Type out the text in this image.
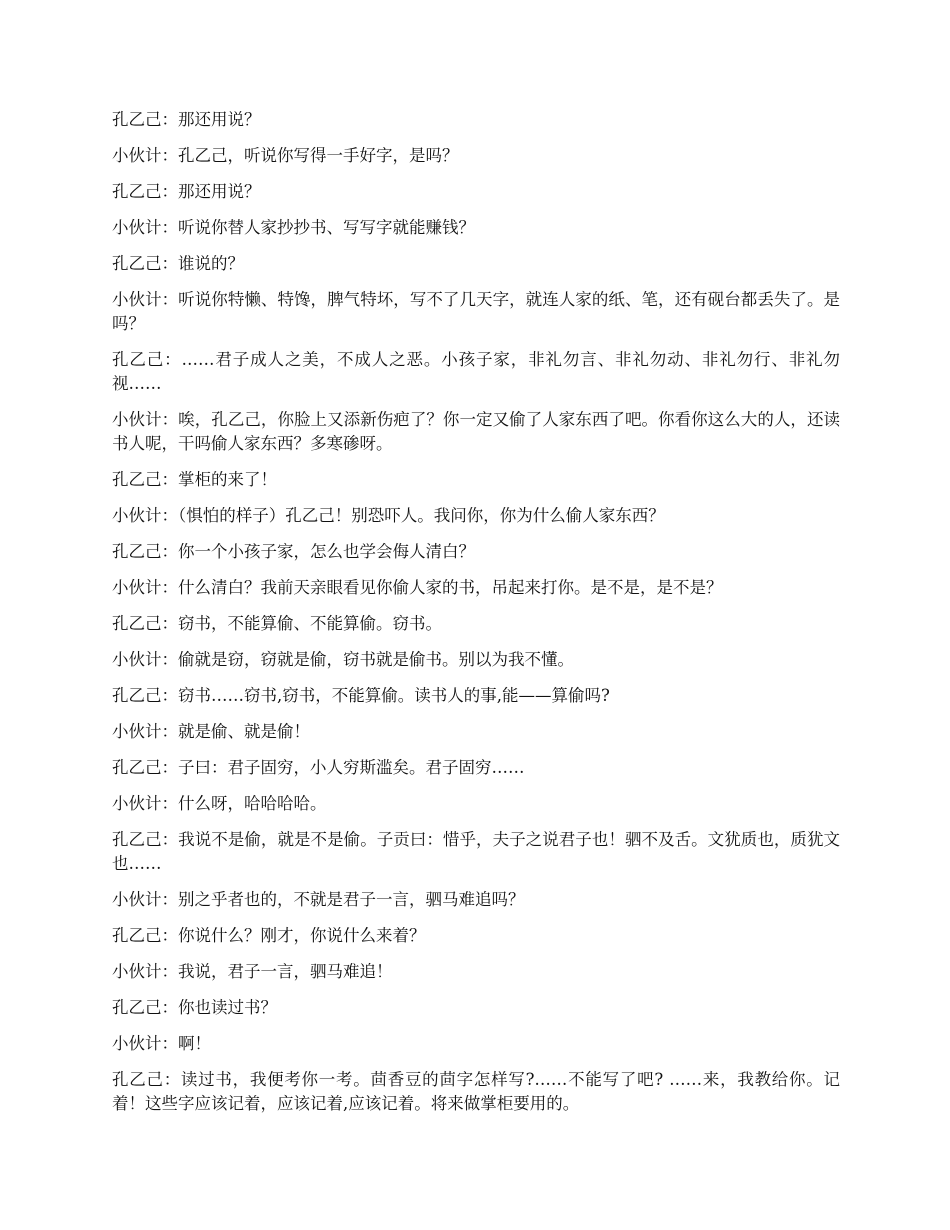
孔乙己：那还用说？

小伙计：孔乙己，听说你写得一手好字，是吗？

孔乙己：那还用说？

小伙计：听说你替人家抄抄书、写写字就能赚钱？

孔乙己：谁说的？

小伙计：听说你特懒、特馋，脾气特坏，写不了几天字，就连人家的纸、笔，还有砚台都丢失了。是吗？

孔乙己：……君子成人之美，不成人之恶。小孩子家，非礼勿言、非礼勿动、非礼勿行、非礼勿视……

小伙计：唉，孔乙己，你脸上又添新伤疤了？你一定又偷了人家东西了吧。你看你这么大的人，还读书人呢，干吗偷人家东西？多寒碜呀。

孔乙己：掌柜的来了！

小伙计：（惧怕的样子）孔乙己！别恐吓人。我问你，你为什么偷人家东西？

孔乙己：你一个小孩子家，怎么也学会侮人清白？

小伙计：什么清白？我前天亲眼看见你偷人家的书，吊起来打你。是不是，是不是？

孔乙己：窃书，不能算偷、不能算偷。窃书。

小伙计：偷就是窃，窃就是偷，窃书就是偷书。别以为我不懂。

孔乙己：窃书……窃书,窃书，不能算偷。读书人的事,能——算偷吗?

小伙计：就是偷、就是偷！

孔乙己：子曰：君子固穷，小人穷斯滥矣。君子固穷……

小伙计：什么呀，哈哈哈哈。

孔乙己：我说不是偷，就是不是偷。子贡曰：惜乎，夫子之说君子也！驷不及舌。文犹质也，质犹文也……

小伙计：别之乎者也的，不就是君子一言，驷马难追吗？

孔乙己：你说什么？刚才，你说什么来着？

小伙计：我说，君子一言，驷马难追！

孔乙己：你也读过书？

小伙计：啊！

孔乙己：读过书，我便考你一考。茴香豆的茴字怎样写?……不能写了吧? ……来，我教给你。记着！这些字应该记着，应该记着,应该记着。将来做掌柜要用的。
